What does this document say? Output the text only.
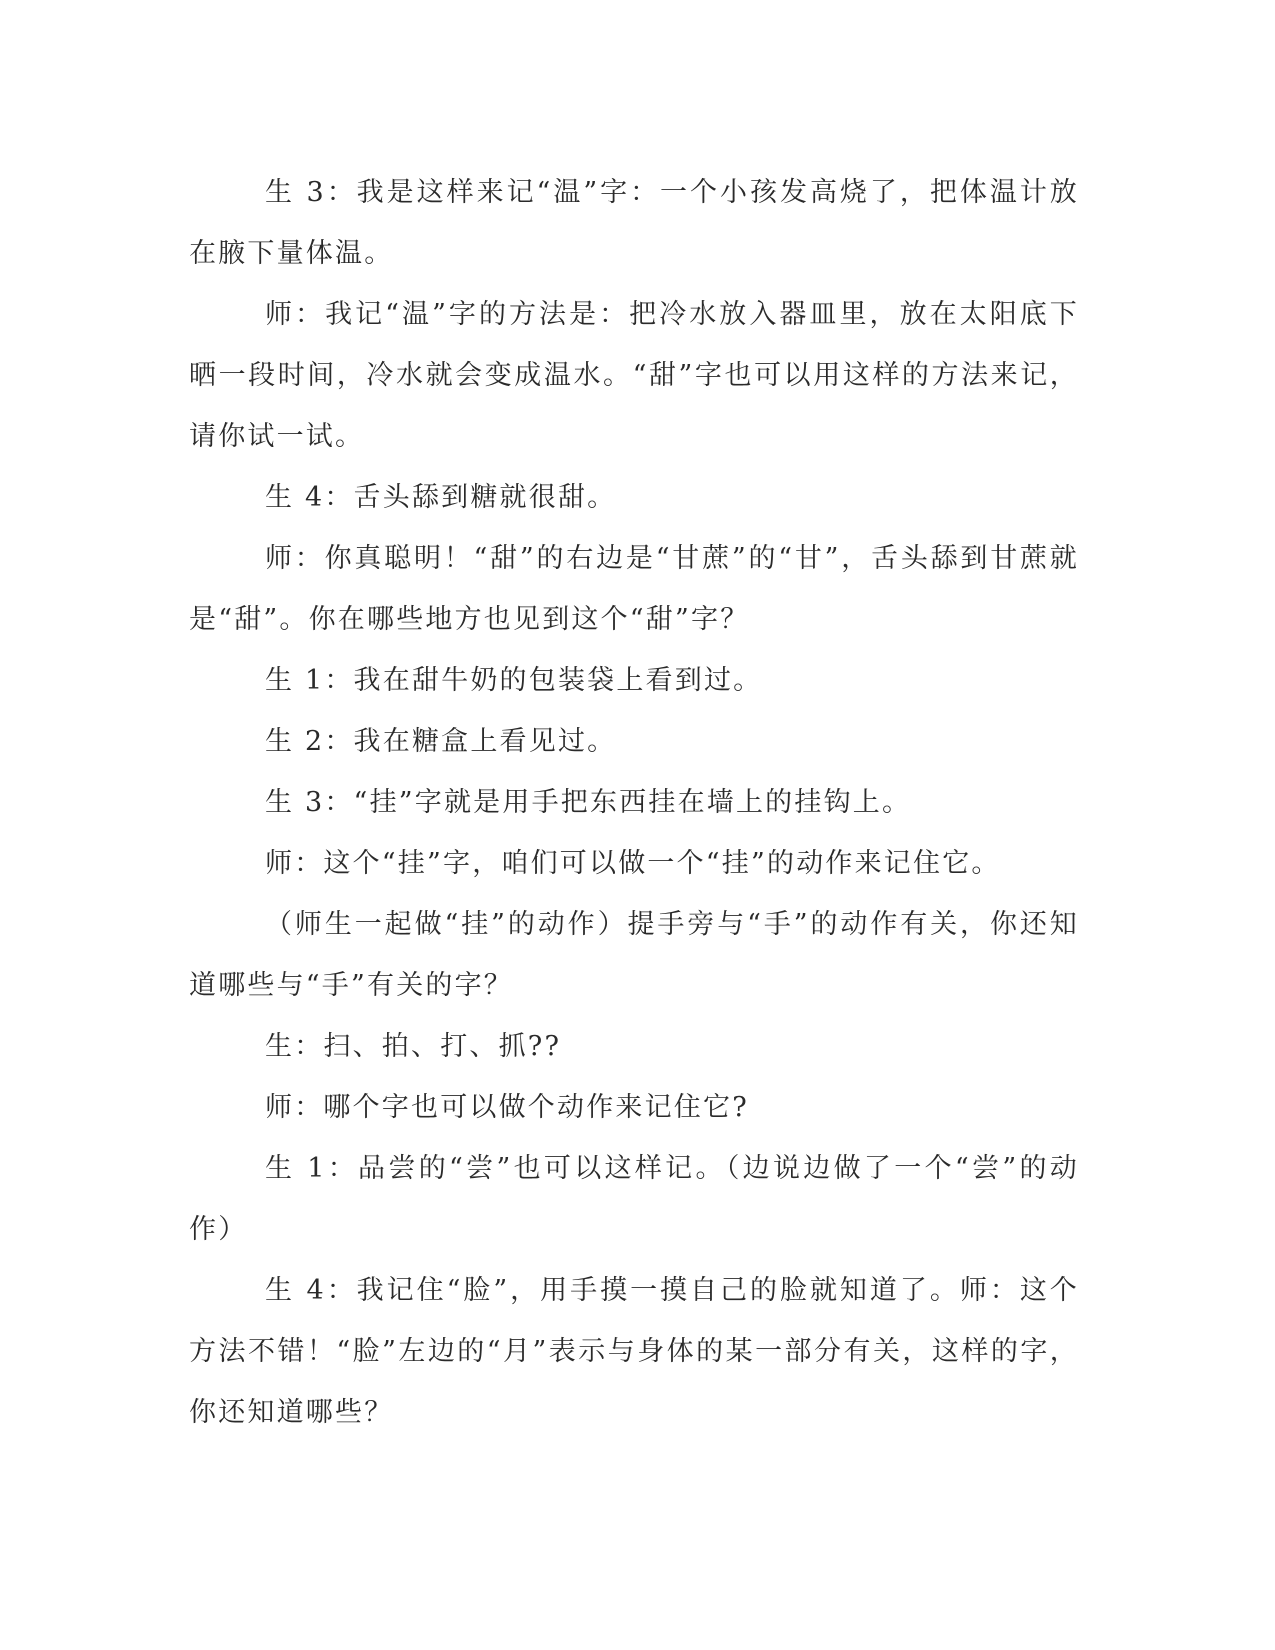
生 3：我是这样来记“温”字：一个小孩发高烧了，把体温计放在腋下量体温。

师：我记“温”字的方法是：把冷水放入器皿里，放在太阳底下晒一段时间，冷水就会变成温水。“甜”字也可以用这样的方法来记，请你试一试。

生 4：舌头舔到糖就很甜。

师：你真聪明！“甜”的右边是“甘蔗”的“甘”，舌头舔到甘蔗就是“甜”。你在哪些地方也见到这个“甜”字？

生 1：我在甜牛奶的包装袋上看到过。

生 2：我在糖盒上看见过。

生 3：“挂”字就是用手把东西挂在墙上的挂钩上。

师：这个“挂”字，咱们可以做一个“挂”的动作来记住它。

（师生一起做“挂”的动作）提手旁与“手”的动作有关，你还知道哪些与“手”有关的字？

生：扫、拍、打、抓??

师：哪个字也可以做个动作来记住它?

生 1：品尝的“尝”也可以这样记。（边说边做了一个“尝”的动作）

生 4：我记住“脸”，用手摸一摸自己的脸就知道了。师：这个方法不错！“脸”左边的“月”表示与身体的某一部分有关，这样的字，你还知道哪些？
